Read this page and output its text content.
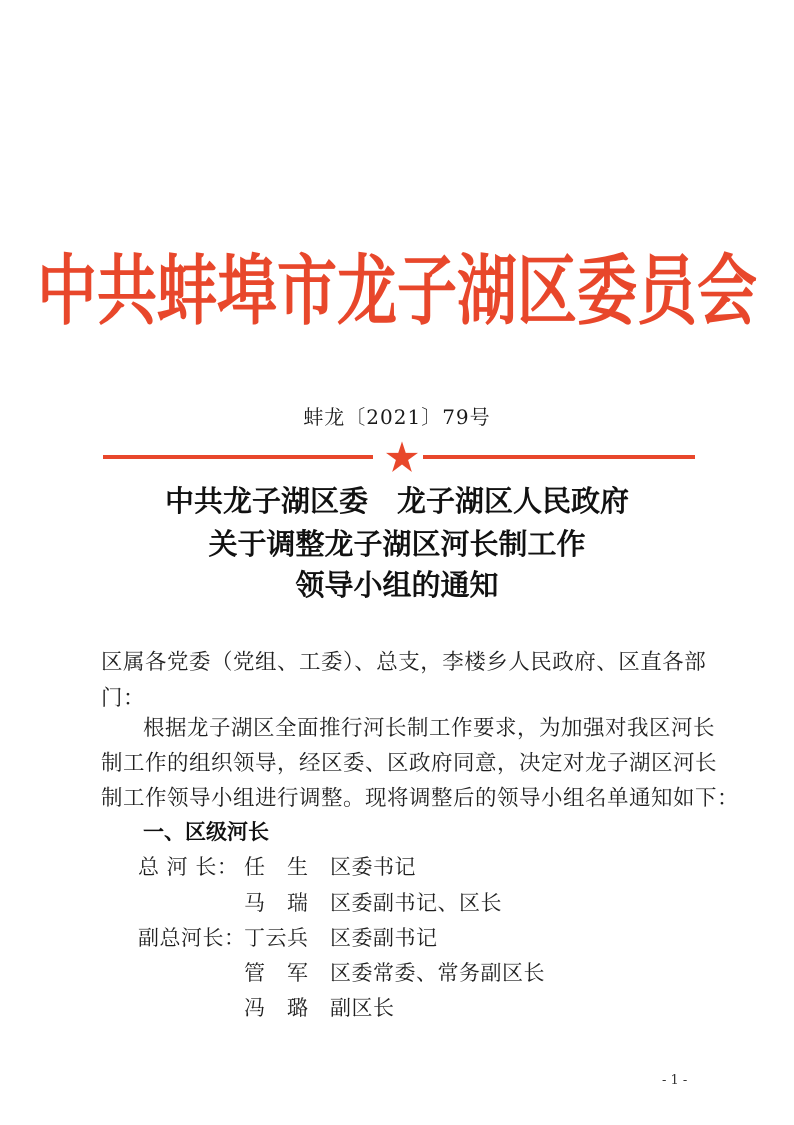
中共蚌埠市龙子湖区委员会
蚌龙〔2021〕79号
中共龙子湖区委　龙子湖区人民政府
关于调整龙子湖区河长制工作
领导小组的通知
区属各党委（党组、工委）、总支，李楼乡人民政府、区直各部
门：
根据龙子湖区全面推行河长制工作要求，为加强对我区河长
制工作的组织领导，经区委、区政府同意，决定对龙子湖区河长
制工作领导小组进行调整。现将调整后的领导小组名单通知如下：
一、区级河长
总 河 长： 任　生 区委书记
马　瑞 区委副书记、区长
副总河长：
丁云兵 区委副书记
管　军 区委常委、常务副区长
冯　璐 副区长
- 1 -
